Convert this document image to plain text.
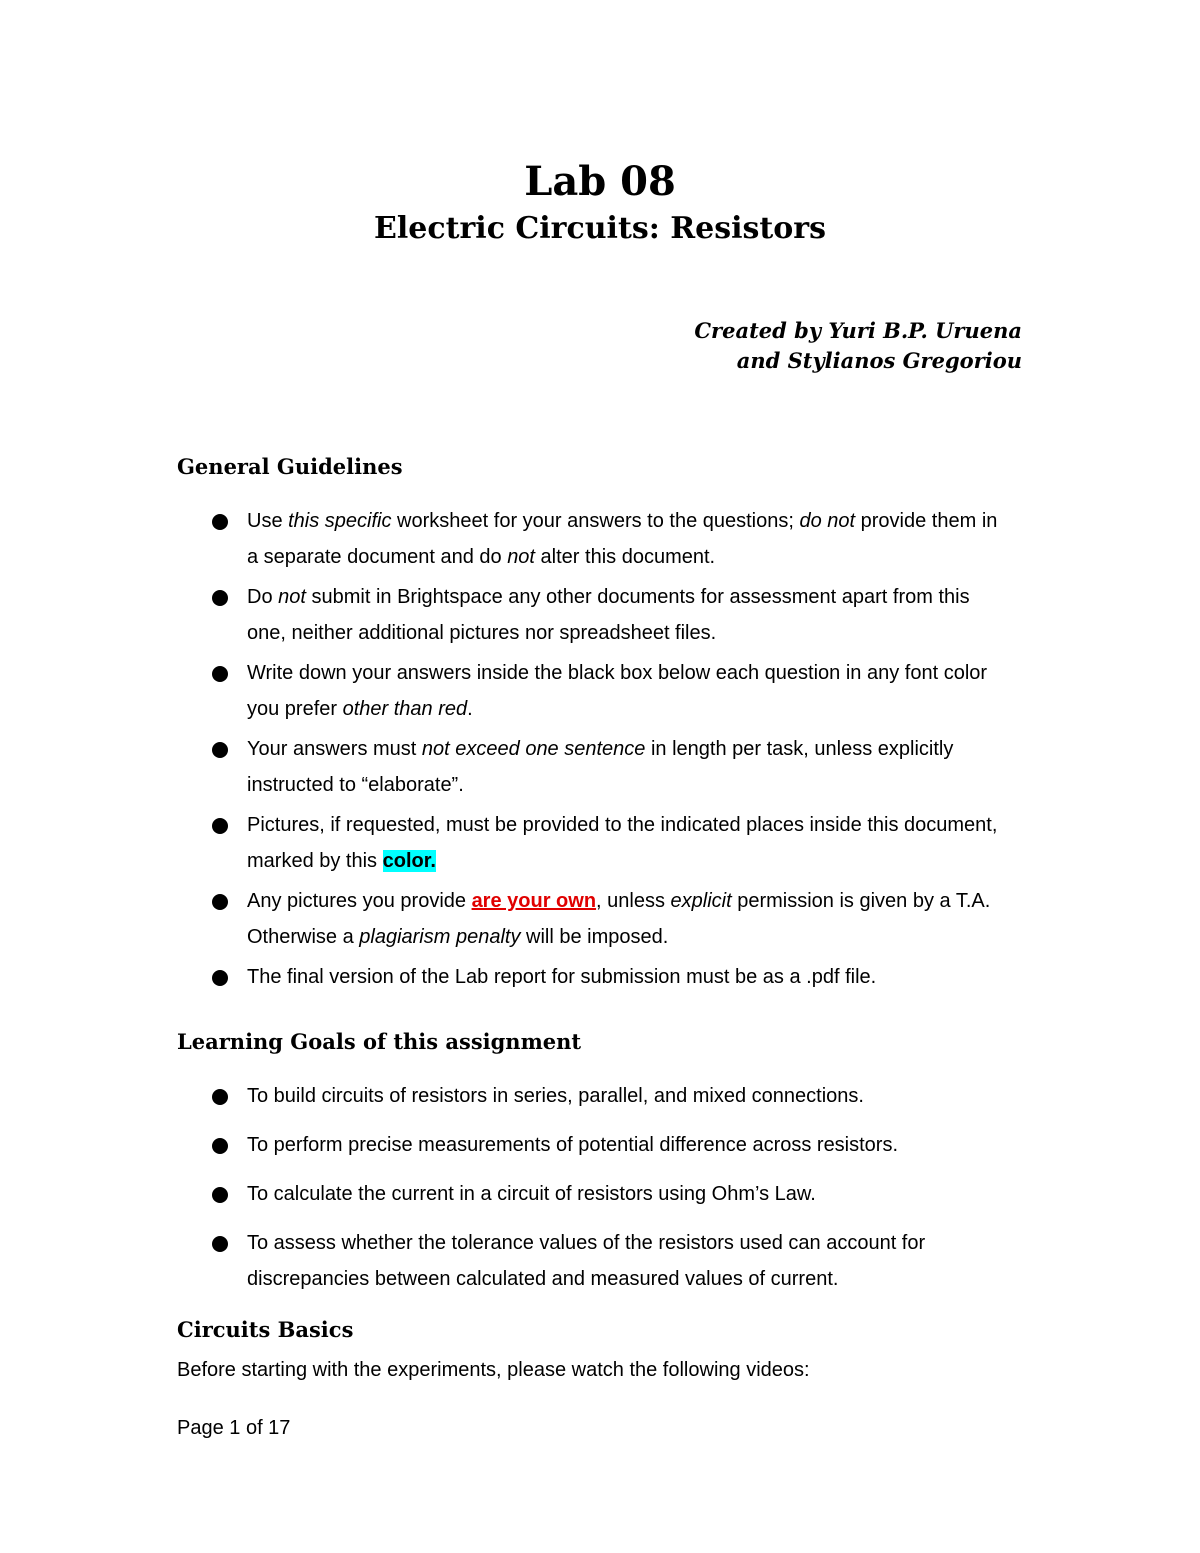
Lab 08
Electric Circuits: Resistors
Created by Yuri B.P. Uruena
and Stylianos Gregoriou
General Guidelines
Use this specific worksheet for your answers to the questions; do not provide them in a separate document and do not alter this document.
Do not submit in Brightspace any other documents for assessment apart from this one, neither additional pictures nor spreadsheet files.
Write down your answers inside the black box below each question in any font color you prefer other than red.
Your answers must not exceed one sentence in length per task, unless explicitly instructed to “elaborate”.
Pictures, if requested, must be provided to the indicated places inside this document, marked by this color.
Any pictures you provide are your own, unless explicit permission is given by a T.A. Otherwise a plagiarism penalty will be imposed.
The final version of the Lab report for submission must be as a .pdf file.
Learning Goals of this assignment
To build circuits of resistors in series, parallel, and mixed connections.
To perform precise measurements of potential difference across resistors.
To calculate the current in a circuit of resistors using Ohm’s Law.
To assess whether the tolerance values of the resistors used can account for discrepancies between calculated and measured values of current.
Circuits Basics
Before starting with the experiments, please watch the following videos:
Page 1 of 17
